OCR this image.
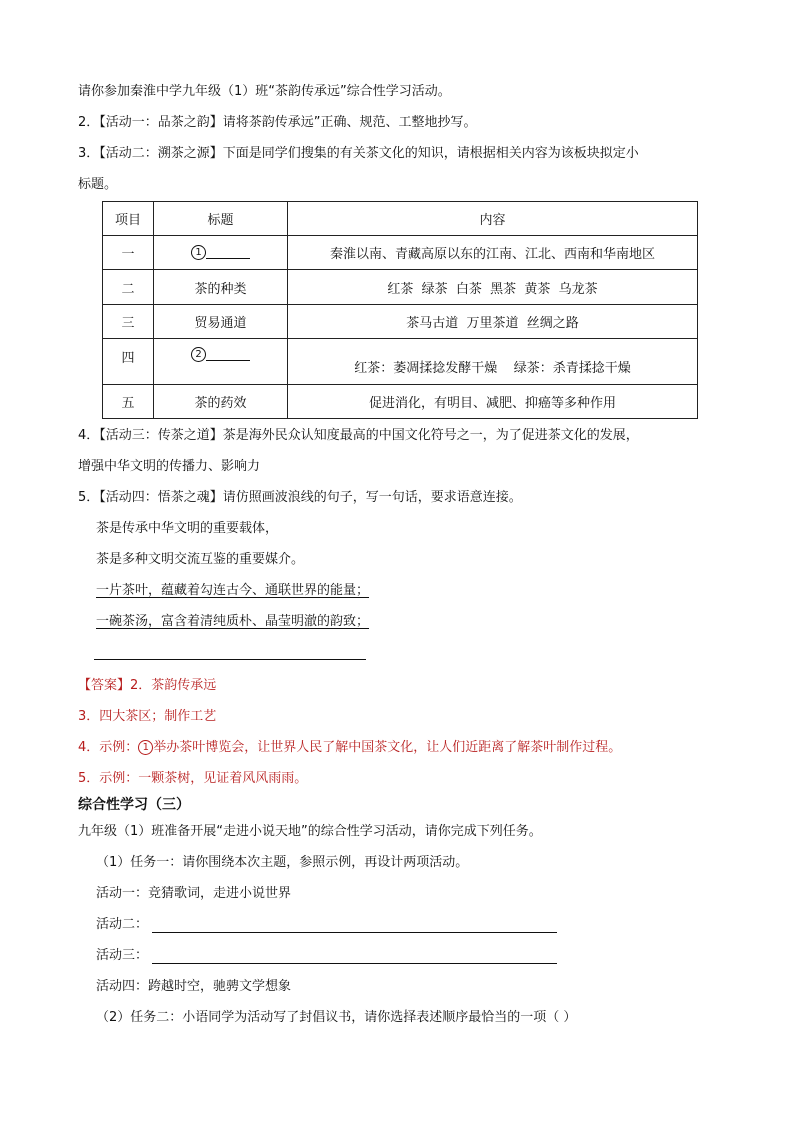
请你参加秦淮中学九年级（1）班“茶韵传承远”综合性学习活动。
2．【活动一：品茶之韵】请将茶韵传承远”正确、规范、工整地抄写。
3．【活动二：溯茶之源】下面是同学们搜集的有关茶文化的知识，请根据相关内容为该板块拟定小
标题。
项目	标题	内容
一	1	秦淮以南、青藏高原以东的江南、江北、西南和华南地区
二	茶的种类	红茶  绿茶  白茶  黑茶  黄茶  乌龙茶
三	贸易通道	茶马古道  万里茶道  丝绸之路
四	2	红茶：萎凋揉捻发酵干燥    绿茶：杀青揉捻干燥
五	茶的药效	促进消化，有明目、减肥、抑癌等多种作用
4．【活动三：传茶之道】茶是海外民众认知度最高的中国文化符号之一，为了促进茶文化的发展，
增强中华文明的传播力、影响力
5．【活动四：悟茶之魂】请仿照画波浪线的句子，写一句话，要求语意连接。
茶是传承中华文明的重要载体，
茶是多种文明交流互鉴的重要媒介。
一片茶叶，蕴藏着勾连古今、通联世界的能量；
一碗茶汤，富含着清纯质朴、晶莹明澈的韵致；
【答案】2．茶韵传承远
3．四大茶区；制作工艺
4．示例： 1 举办茶叶博览会，让世界人民了解中国茶文化，让人们近距离了解茶叶制作过程。
5．示例：一颗茶树，见证着风风雨雨。
综合性学习（三）
九年级（1）班准备开展“走进小说天地”的综合性学习活动，请你完成下列任务。
（1）任务一：请你围绕本次主题，参照示例，再设计两项活动。
活动一：竞猜歌词，走进小说世界
活动二：
活动三：
活动四：跨越时空，驰骋文学想象
（2）任务二：小语同学为活动写了封倡议书，请你选择表述顺序最恰当的一项（ ）
